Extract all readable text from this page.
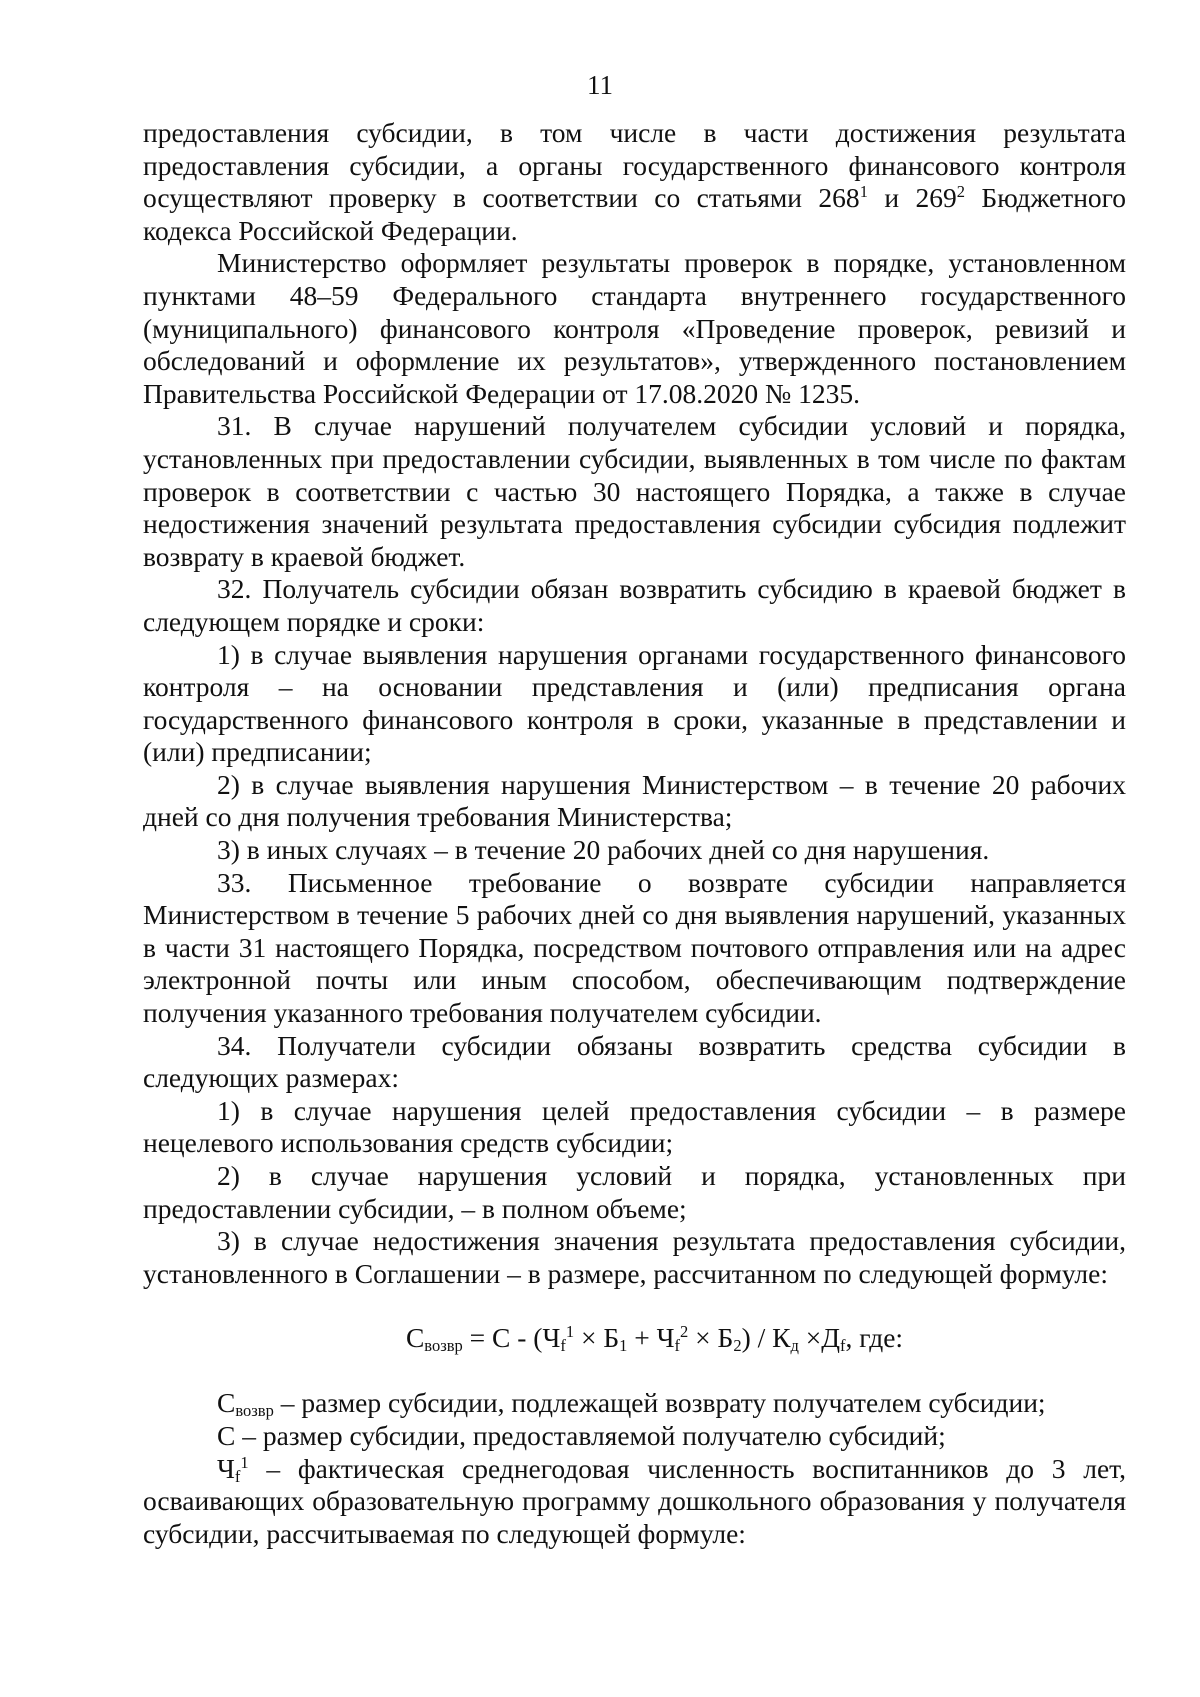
11

предоставления субсидии, в том числе в части достижения результата предоставления субсидии, а органы государственного финансового контроля осуществляют проверку в соответствии со статьями $268^1$ и $269^2$ Бюджетного кодекса Российской Федерации.

Министерство оформляет результаты проверок в порядке, установленном пунктами 48–59 Федерального стандарта внутреннего государственного (муниципального) финансового контроля «Проведение проверок, ревизий и обследований и оформление их результатов», утвержденного постановлением Правительства Российской Федерации от 17.08.2020 № 1235.

31. В случае нарушений получателем субсидии условий и порядка, установленных при предоставлении субсидии, выявленных в том числе по фактам проверок в соответствии с частью 30 настоящего Порядка, а также в случае недостижения значений результата предоставления субсидии субсидия подлежит возврату в краевой бюджет.

32. Получатель субсидии обязан возвратить субсидию в краевой бюджет в следующем порядке и сроки:

1) в случае выявления нарушения органами государственного финансового контроля – на основании представления и (или) предписания органа государственного финансового контроля в сроки, указанные в представлении и (или) предписании;

2) в случае выявления нарушения Министерством – в течение 20 рабочих дней со дня получения требования Министерства;

3) в иных случаях – в течение 20 рабочих дней со дня нарушения.

33. Письменное требование о возврате субсидии направляется Министерством в течение 5 рабочих дней со дня выявления нарушений, указанных в части 31 настоящего Порядка, посредством почтового отправления или на адрес электронной почты или иным способом, обеспечивающим подтверждение получения указанного требования получателем субсидии.

34. Получатели субсидии обязаны возвратить средства субсидии в следующих размерах:

1) в случае нарушения целей предоставления субсидии – в размере нецелевого использования средств субсидии;

2) в случае нарушения условий и порядка, установленных при предоставлении субсидии, – в полном объеме;

3) в случае недостижения значения результата предоставления субсидии, установленного в Соглашении – в размере, рассчитанном по следующей формуле:

$С_{возвр} = С - (Ч_f^1 \times Б_1 + Ч_f^2 \times Б_2) / К_д \times Д_f$, где:

$С_{возвр}$ – размер субсидии, подлежащей возврату получателем субсидии;

С – размер субсидии, предоставляемой получателю субсидий;

$Ч_f^1$ – фактическая среднегодовая численность воспитанников до 3 лет, осваивающих образовательную программу дошкольного образования у получателя субсидии, рассчитываемая по следующей формуле:
